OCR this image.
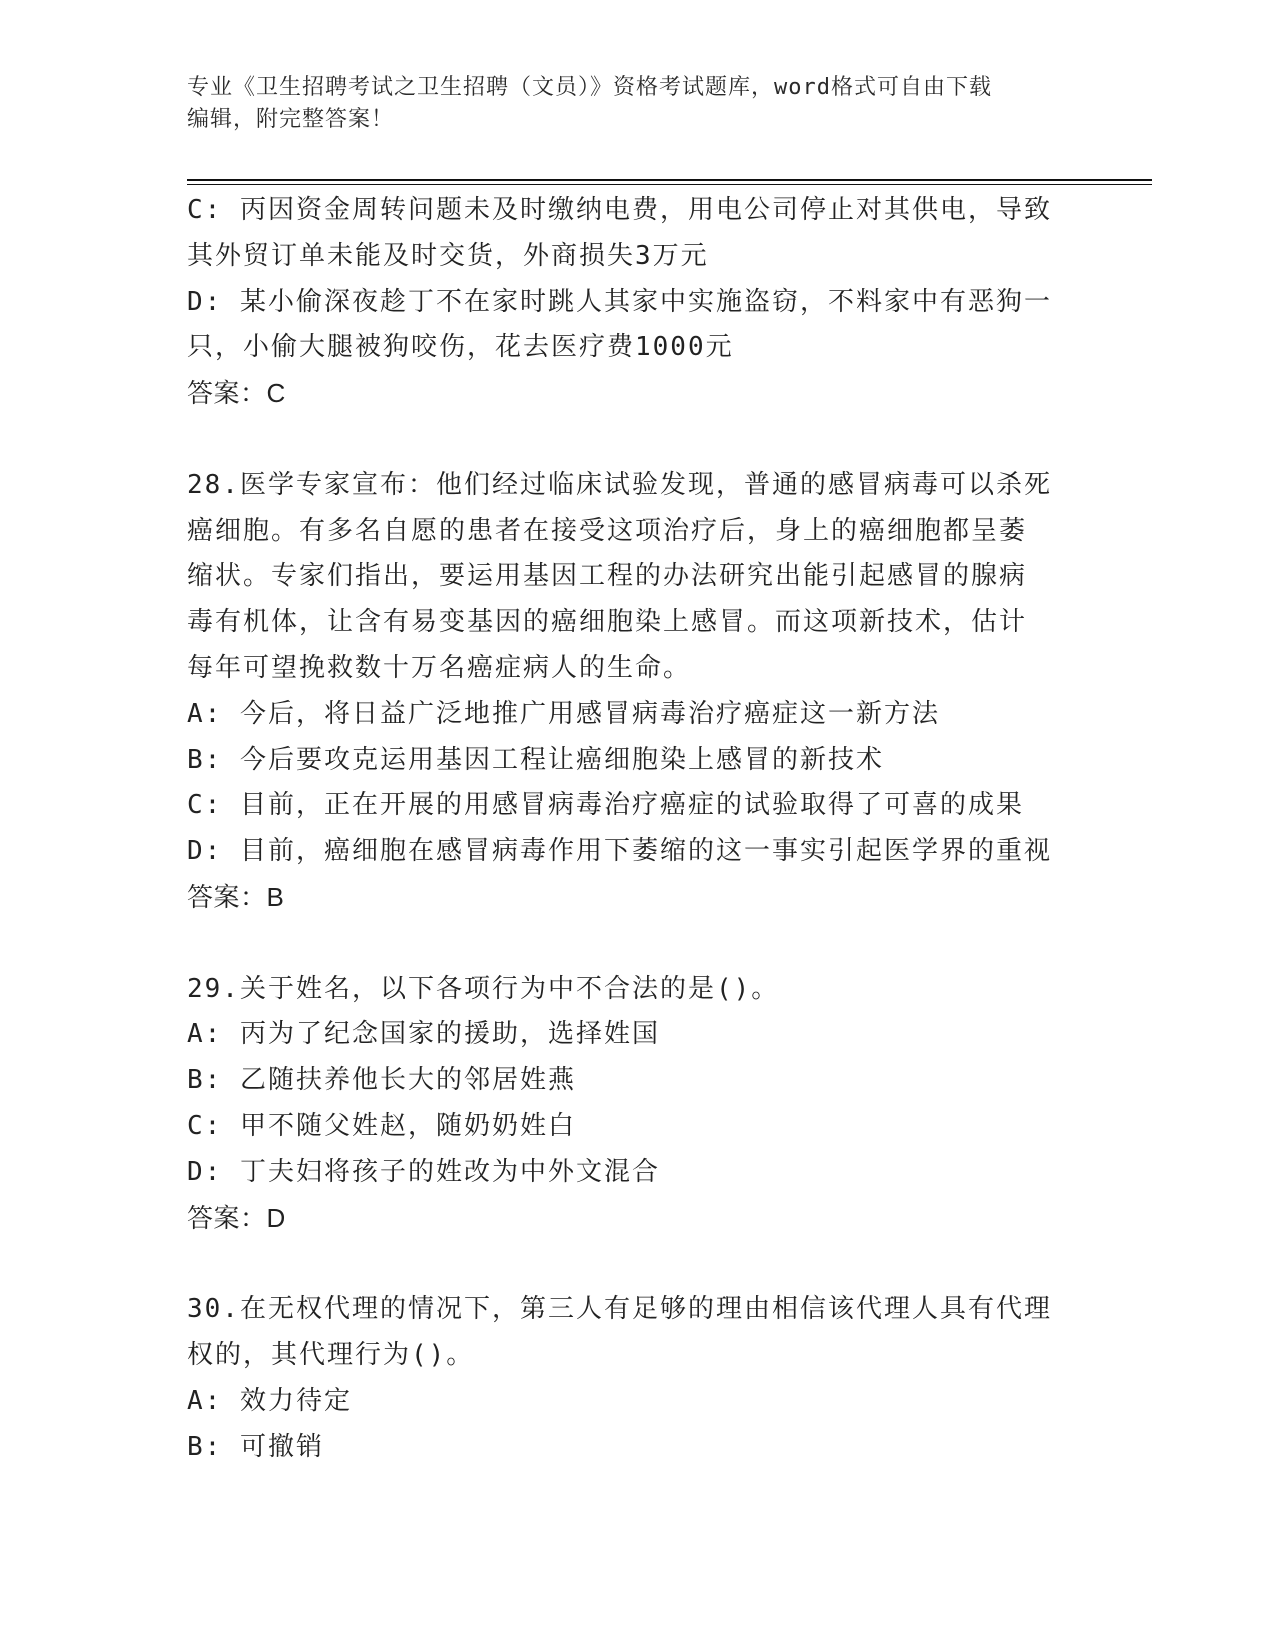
专业《卫生招聘考试之卫生招聘（文员）》资格考试题库，word格式可自由下载
编辑，附完整答案！
C: 丙因资金周转问题未及时缴纳电费，用电公司停止对其供电，导致
其外贸订单未能及时交货，外商损失3万元
D: 某小偷深夜趁丁不在家时跳人其家中实施盗窃，不料家中有恶狗一
只，小偷大腿被狗咬伤，花去医疗费1000元
答案：C
28.医学专家宣布：他们经过临床试验发现，普通的感冒病毒可以杀死
癌细胞。有多名自愿的患者在接受这项治疗后，身上的癌细胞都呈萎
缩状。专家们指出，要运用基因工程的办法研究出能引起感冒的腺病
毒有机体，让含有易变基因的癌细胞染上感冒。而这项新技术，估计
每年可望挽救数十万名癌症病人的生命。
A: 今后，将日益广泛地推广用感冒病毒治疗癌症这一新方法
B: 今后要攻克运用基因工程让癌细胞染上感冒的新技术
C: 目前，正在开展的用感冒病毒治疗癌症的试验取得了可喜的成果
D: 目前，癌细胞在感冒病毒作用下萎缩的这一事实引起医学界的重视
答案：B
29.关于姓名，以下各项行为中不合法的是()。
A: 丙为了纪念国家的援助，选择姓国
B: 乙随扶养他长大的邻居姓燕
C: 甲不随父姓赵，随奶奶姓白
D: 丁夫妇将孩子的姓改为中外文混合
答案：D
30.在无权代理的情况下，第三人有足够的理由相信该代理人具有代理
权的，其代理行为()。
A: 效力待定
B: 可撤销
